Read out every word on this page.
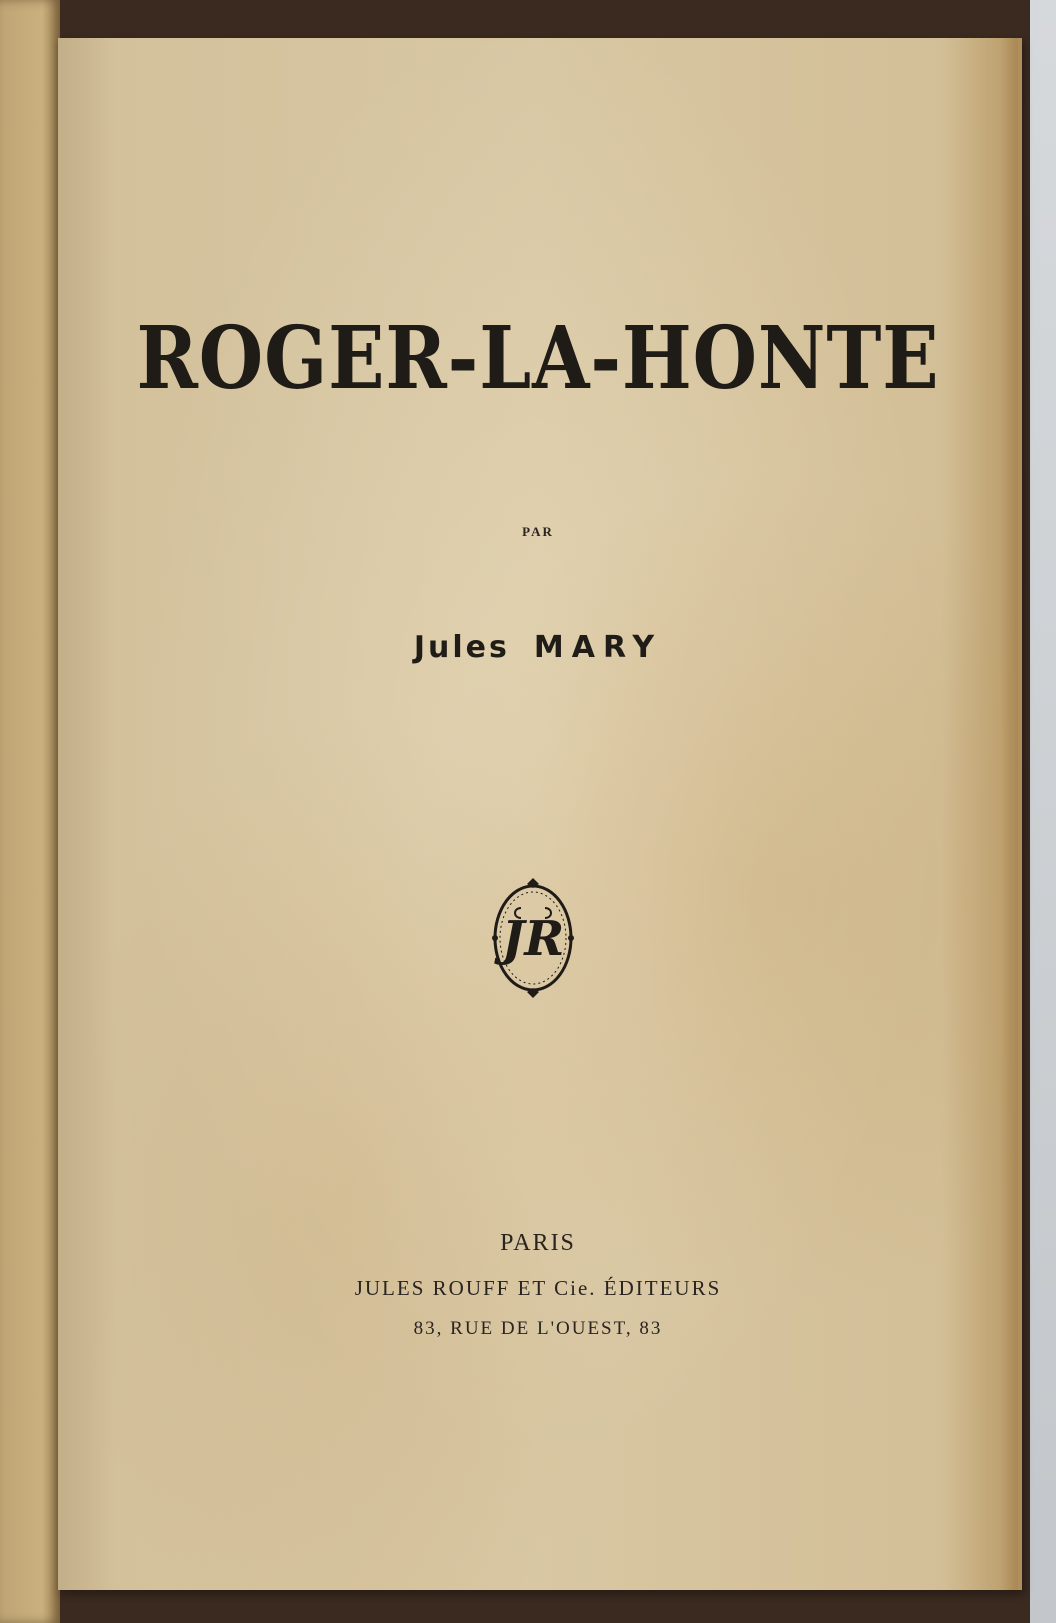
ROGER-LA-HONTE
PAR
Jules MARY
JR
PARIS
JULES ROUFF ET Cie. ÉDITEURS
83, RUE DE L'OUEST, 83
